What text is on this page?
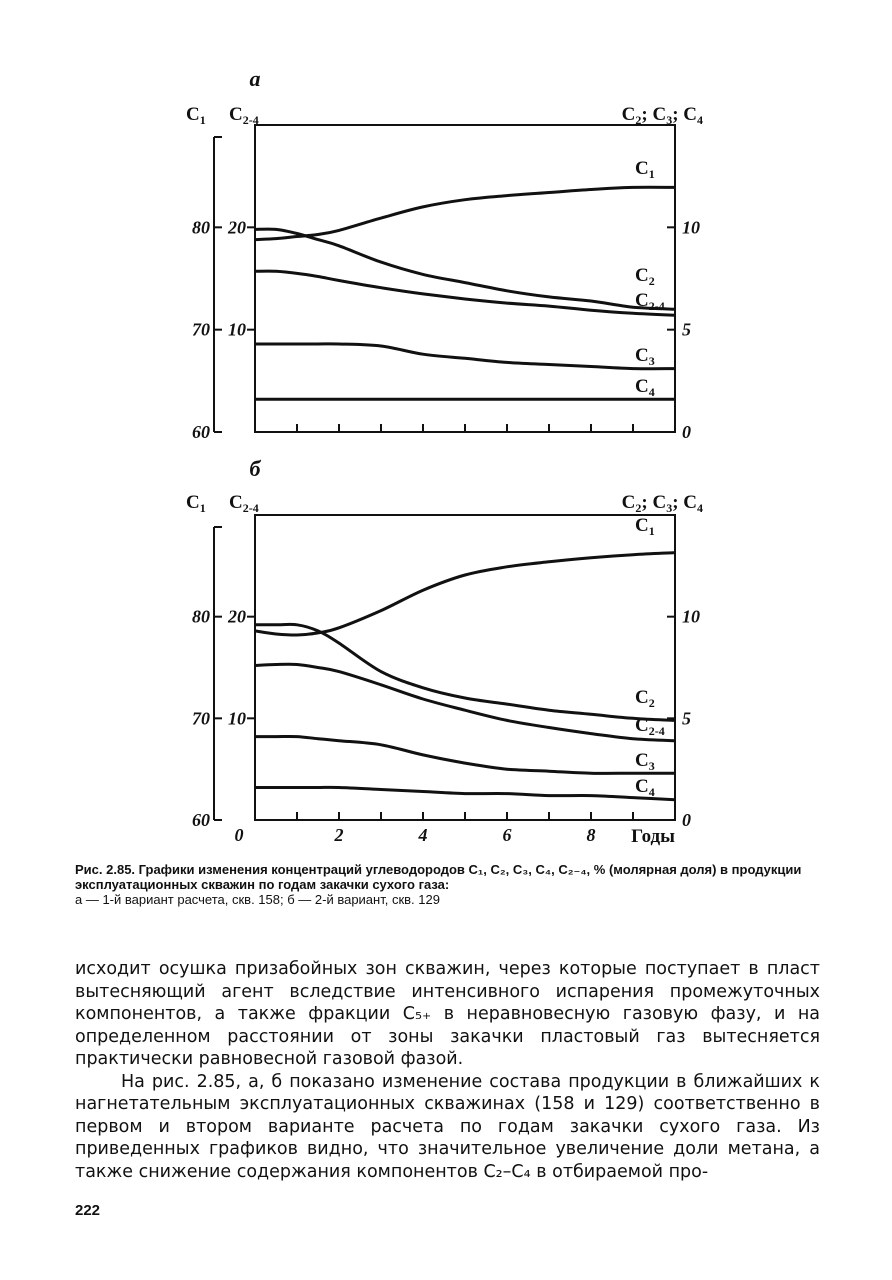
а
$C_1$ $C_{2-4}$	$C_2$; $C_3$; $C_4$
80
70
60
20
10
10
5
0
$C_1$
$C_2$
$C_{2-4}$
$C_3$
$C_4$
б
$C_1$ $C_{2-4}$	$C_2$; $C_3$; $C_4$
80
70
60
20
10
10
5
0
0	2	4	6	8 Годы
$C_1$
$C_2$
$C_{2-4}$
$C_3$
$C_4$
Рис. 2.85. Графики изменения концентраций углеводородов C₁, C₂, C₃, C₄, C₂₋₄, % (молярная доля) в продукции эксплуатационных скважин по годам закачки сухого газа:
а — 1-й вариант расчета, скв. 158; б — 2-й вариант, скв. 129

исходит осушка призабойных зон скважин, через которые поступает в пласт вытесняющий агент вследствие интенсивного испарения промежуточных компонентов, а также фракции C₅₊ в неравновесную газовую фазу, и на определенном расстоянии от зоны закачки пластовый газ вытесняется практически равновесной газовой фазой.

На рис. 2.85, а, б показано изменение состава продукции в ближайших к нагнетательным эксплуатационных скважинах (158 и 129) соответственно в первом и втором варианте расчета по годам закачки сухого газа. Из приведенных графиков видно, что значительное увеличение доли метана, а также снижение содержания компонентов C₂–C₄ в отбираемой про-

222
